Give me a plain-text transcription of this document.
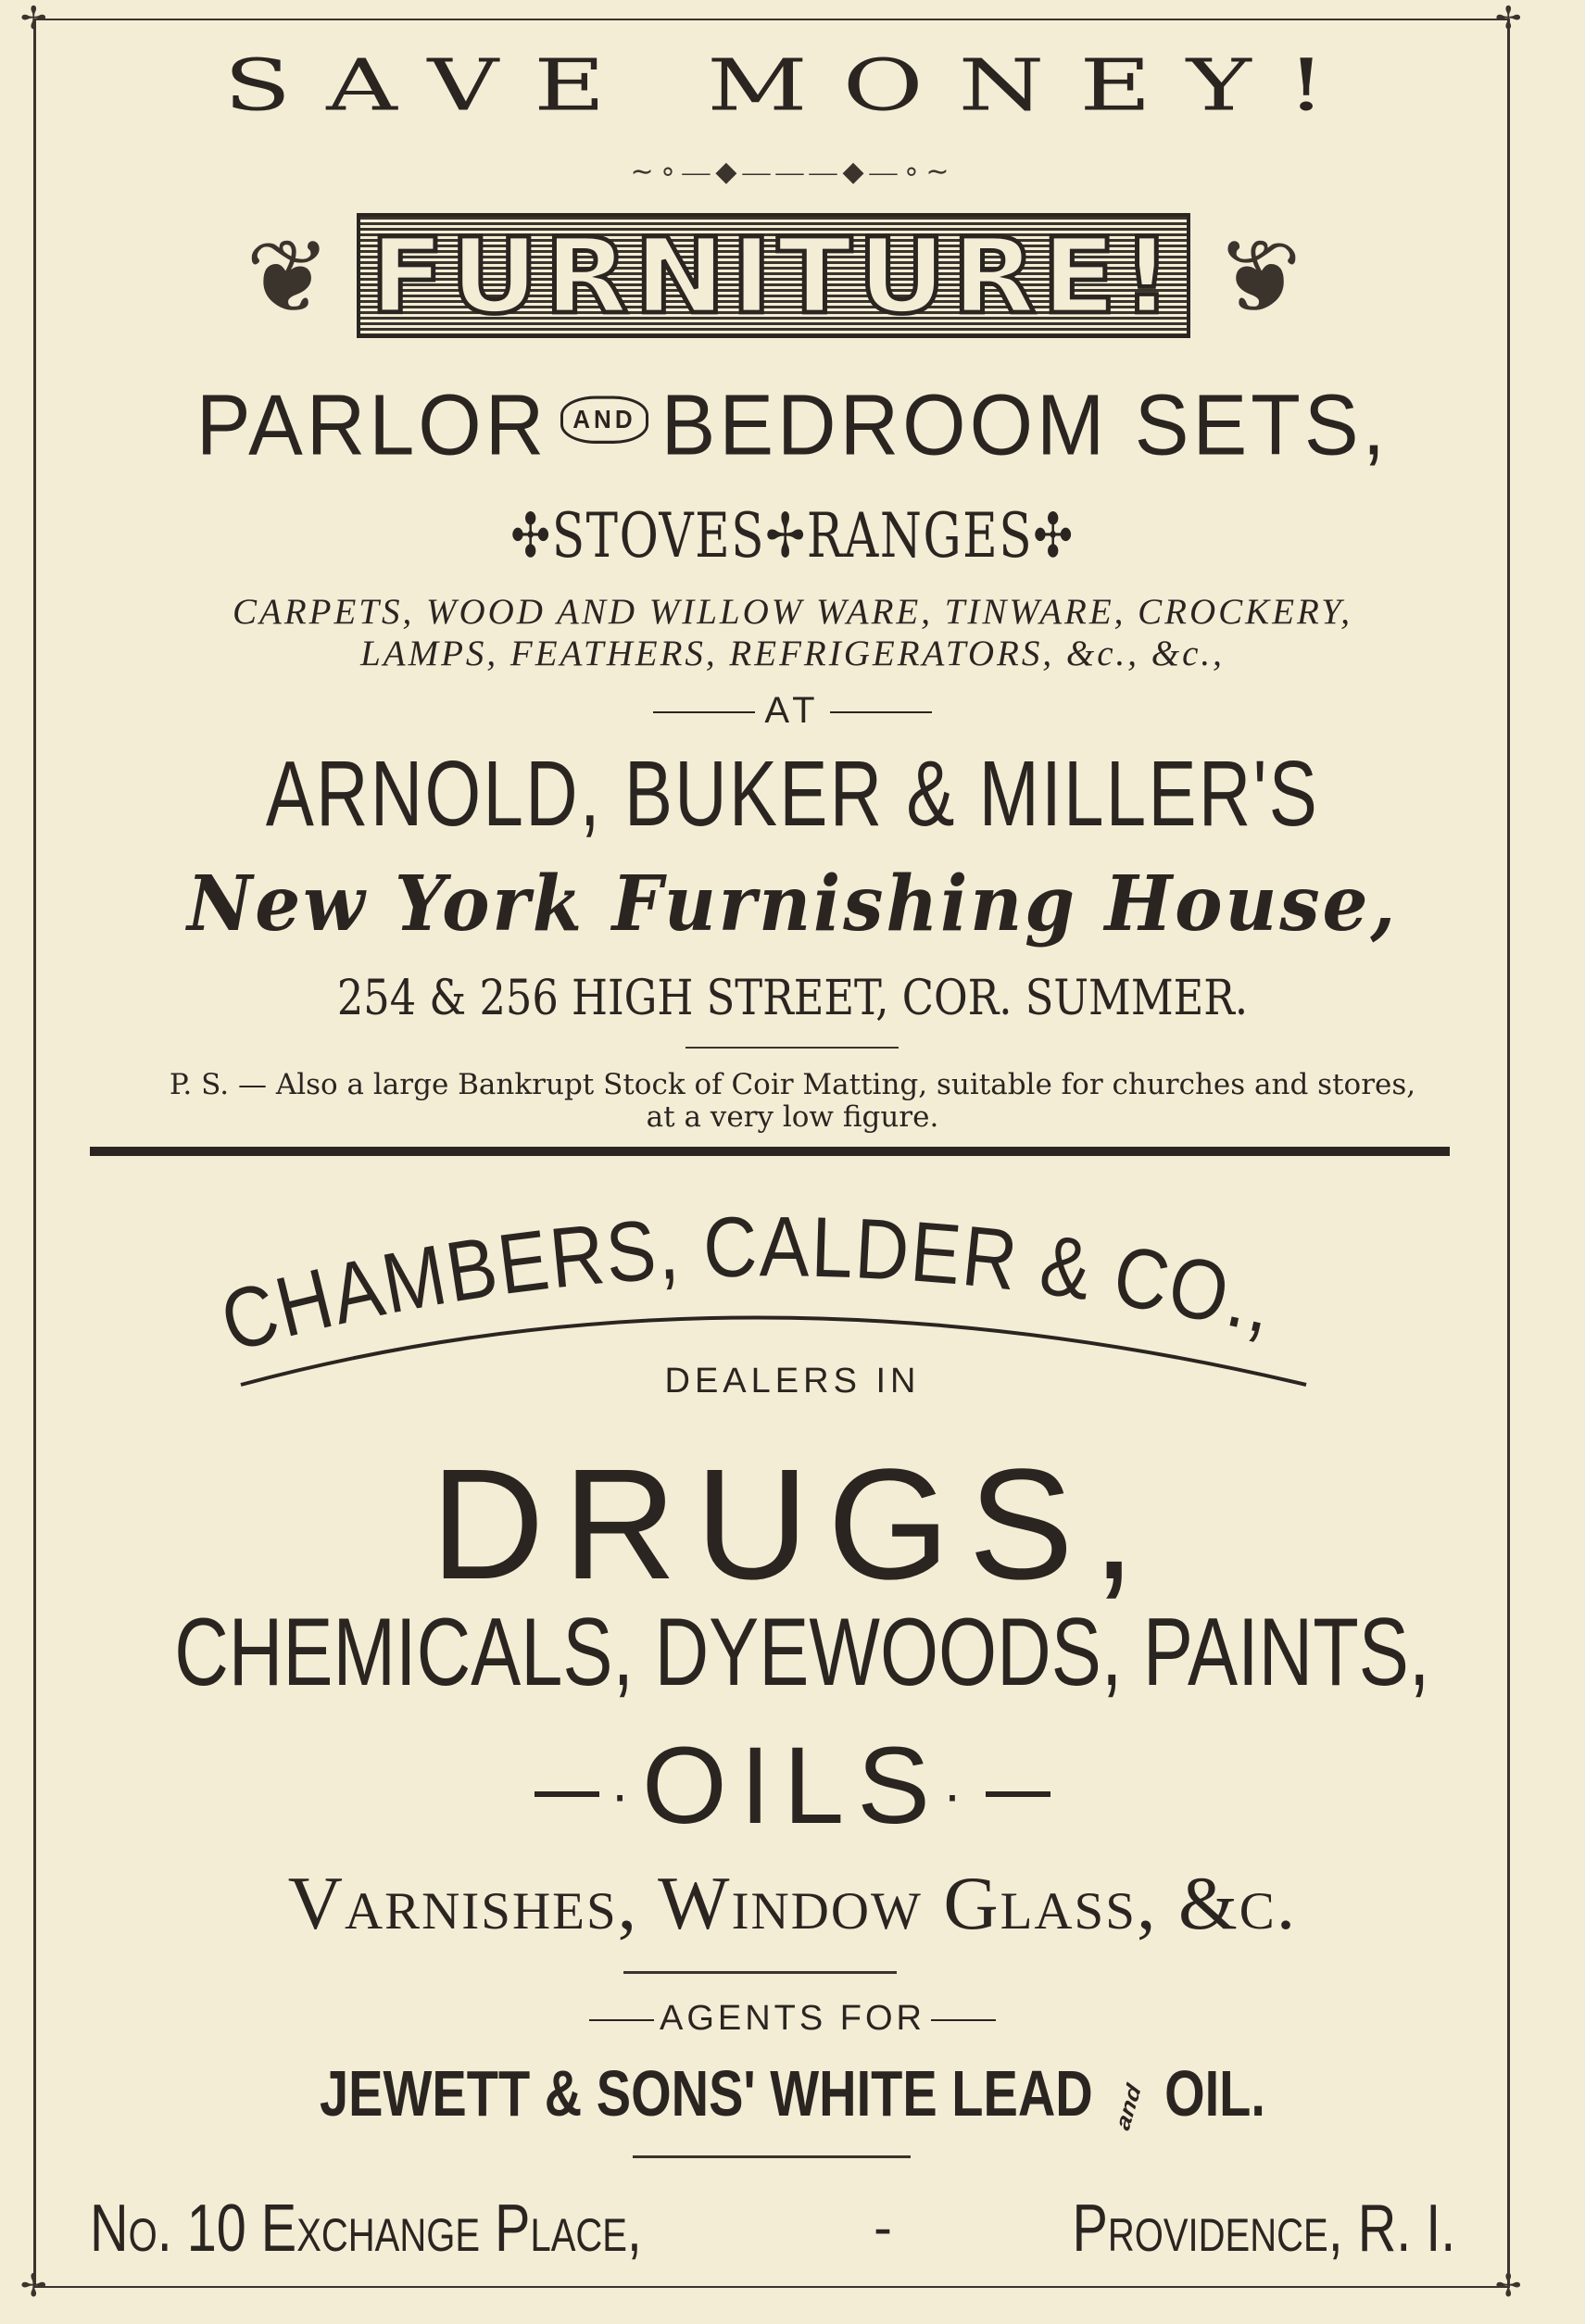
✢	✢
✢	✢
SAVE MONEY!
∼∘—◆———◆—∘∼
❦ FURNITURE! ❦
PARLOR AND BEDROOM SETS,
✣STOVES✢RANGES✣
CARPETS, WOOD AND WILLOW WARE, TINWARE, CROCKERY,
LAMPS, FEATHERS, REFRIGERATORS, &c., &c.,
AT
ARNOLD, BUKER & MILLER'S
New York Furnishing House,
254 & 256 HIGH STREET, COR. SUMMER.
P. S. — Also a large Bankrupt Stock of Coir Matting, suitable for churches and stores,
at a very low figure.
CHAMBERS, CALDER & CO.,
DEALERS IN
DRUGS,
CHEMICALS, DYEWOODS, PAINTS,
·OILS·
Varnishes, Window Glass, &c.
AGENTS FOR
JEWETT & SONS' WHITE LEAD and OIL.
No. 10 Exchange Place,	-	Providence, R. I.
